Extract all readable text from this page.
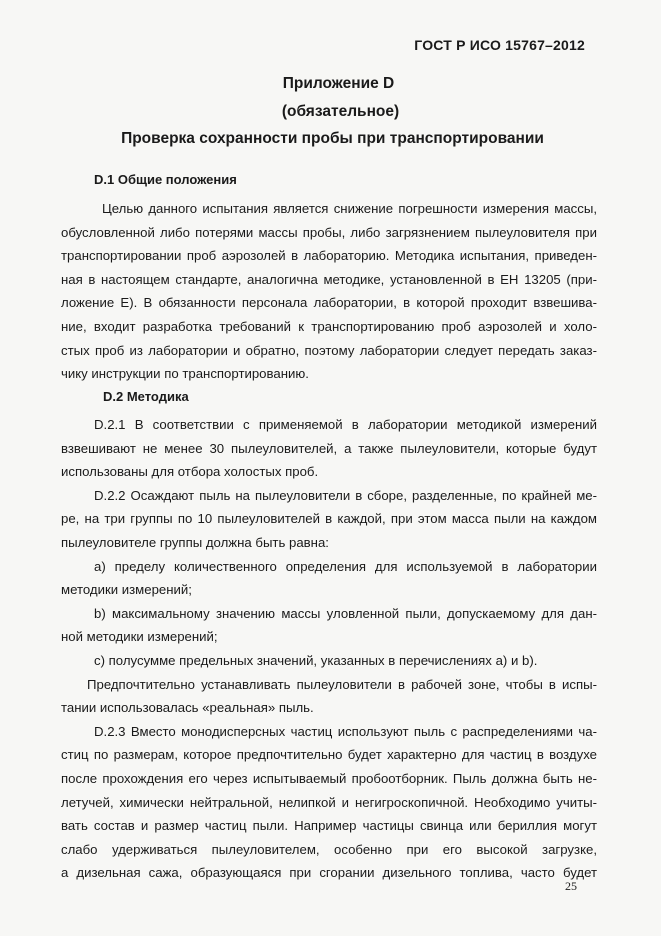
ГОСТ Р ИСО 15767–2012
Приложение D
(обязательное)
Проверка сохранности пробы при транспортировании
D.1 Общие положения

Целью данного испытания является снижение погрешности измерения массы,
обусловленной либо потерями массы пробы, либо загрязнением пылеуловителя при
транспортировании проб аэрозолей в лабораторию. Методика испытания, приведен-
ная в настоящем стандарте, аналогична методике, установленной в ЕН 13205 (при-
ложение Е). В обязанности персонала лаборатории, в которой проходит взвешива-
ние, входит разработка требований к транспортированию проб аэрозолей и холо-
стых проб из лаборатории и обратно, поэтому лаборатории следует передать заказ-
чику инструкции по транспортированию.

D.2 Методика

D.2.1 В соответствии с применяемой в лаборатории методикой измерений
взвешивают не менее 30 пылеуловителей, а также пылеуловители, которые будут
использованы для отбора холостых проб.

D.2.2 Осаждают пыль на пылеуловители в сборе, разделенные, по крайней ме-
ре, на три группы по 10 пылеуловителей в каждой, при этом масса пыли на каждом
пылеуловителе группы должна быть равна:

a) пределу количественного определения для используемой в лаборатории
методики измерений;

b) максимальному значению массы уловленной пыли, допускаемому для дан-
ной методики измерений;

c) полусумме предельных значений, указанных в перечислениях а) и b).

Предпочтительно устанавливать пылеуловители в рабочей зоне, чтобы в испы-
тании использовалась «реальная» пыль.

D.2.3 Вместо монодисперсных частиц используют пыль с распределениями ча-
стиц по размерам, которое предпочтительно будет характерно для частиц в воздухе
после прохождения его через испытываемый пробоотборник. Пыль должна быть не-
летучей, химически нейтральной, нелипкой и негигроскопичной. Необходимо учиты-
вать состав и размер частиц пыли. Например частицы свинца или бериллия могут
слабо удерживаться пылеуловителем, особенно при его высокой загрузке,
а дизельная сажа, образующаяся при сгорании дизельного топлива, часто будет

25
